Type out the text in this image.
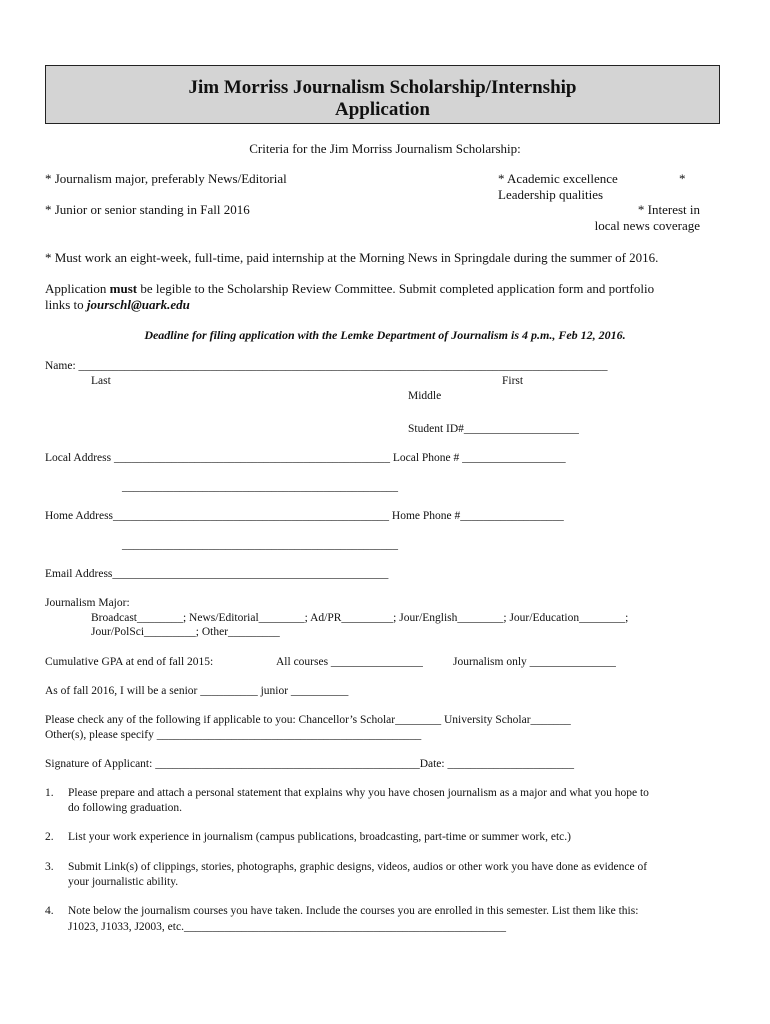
Jim Morriss Journalism Scholarship/Internship
Application
Criteria for the Jim Morriss Journalism Scholarship:
* Journalism major, preferably News/Editorial	* Academic excellence	*
Leadership qualities
* Junior or senior standing in Fall 2016	* Interest in
local news coverage
* Must work an eight-week, full-time, paid internship at the Morning News in Springdale during the summer of 2016.
Application must be legible to the Scholarship Review Committee. Submit completed application form and portfolio
links to jourschl@uark.edu
Deadline for filing application with the Lemke Department of Journalism is 4 p.m., Feb 12, 2016.
Name: ____________________________________________________________________________________________
Last	First
Middle
Student ID#____________________
Local Address ________________________________________________ Local Phone # __________________
________________________________________________
Home Address________________________________________________ Home Phone #__________________
________________________________________________
Email Address________________________________________________
Journalism Major:
Broadcast________; News/Editorial________; Ad/PR_________; Jour/English________; Jour/Education________;
Jour/PolSci_________; Other_________
Cumulative GPA at end of fall 2015:	All courses ________________	Journalism only _______________
As of fall 2016, I will be a senior __________ junior __________
Please check any of the following if applicable to you: Chancellor’s Scholar________ University Scholar_______
Other(s), please specify ______________________________________________
Signature of Applicant: ______________________________________________Date: ______________________
1. Please prepare and attach a personal statement that explains why you have chosen journalism as a major and what you hope to
do following graduation.
2. List your work experience in journalism (campus publications, broadcasting, part-time or summer work, etc.)
3. Submit Link(s) of clippings, stories, photographs, graphic designs, videos, audios or other work you have done as evidence of
your journalistic ability.
4. Note below the journalism courses you have taken. Include the courses you are enrolled in this semester. List them like this:
J1023, J1033, J2003, etc.________________________________________________________
